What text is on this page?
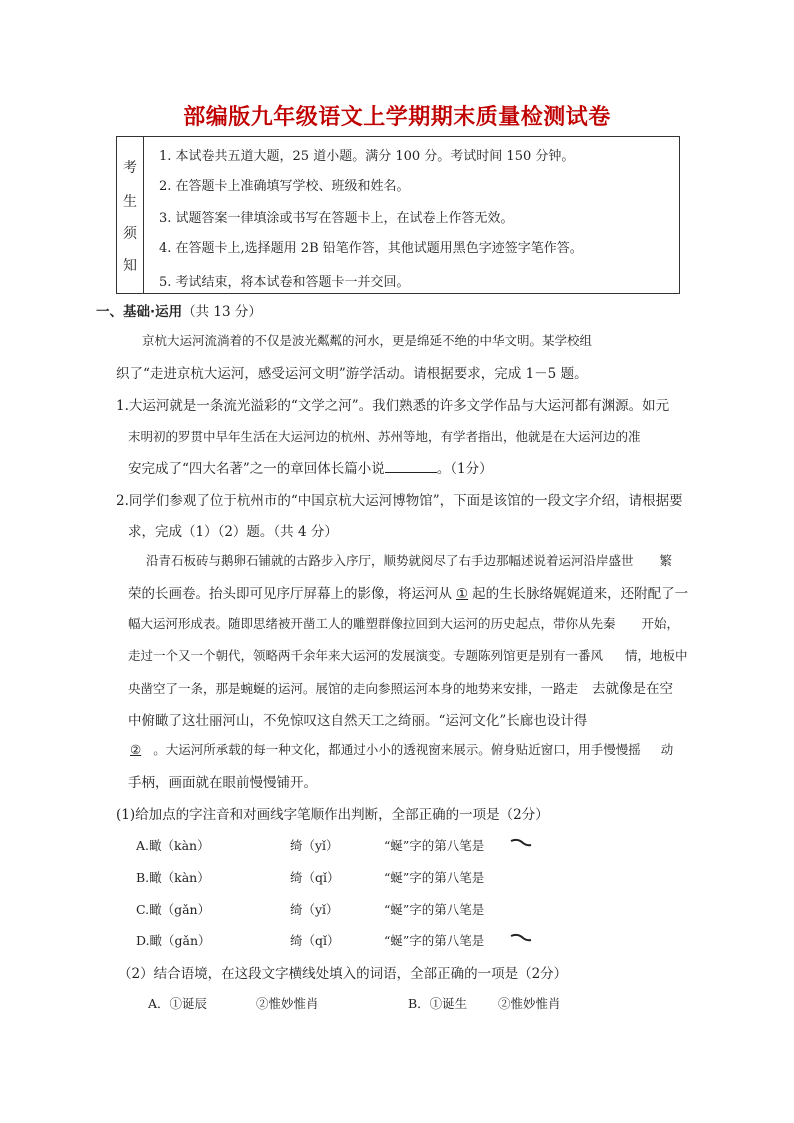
部编版九年级语文上学期期末质量检测试卷
考
生
须
知
1. 本试卷共五道大题，25 道小题。满分 100 分。考试时间 150 分钟。
2. 在答题卡上准确填写学校、班级和姓名。
3. 试题答案一律填涂或书写在答题卡上，在试卷上作答无效。
4. 在答题卡上,选择题用 2B 铅笔作答，其他试题用黑色字迹签字笔作答。
5. 考试结束，将本试卷和答题卡一并交回。
一、基础·运用（共 13 分）
京杭大运河流淌着的不仅是波光粼粼的河水，更是绵延不绝的中华文明。某学校组
织了“走进京杭大运河，感受运河文明”游学活动。请根据要求，完成 1－5 题。
1.大运河就是一条流光溢彩的“文学之河”。我们熟悉的许多文学作品与大运河都有渊源。如元
末明初的罗贯中早年生活在大运河边的杭州、苏州等地，有学者指出，他就是在大运河边的准
安完成了“四大名著”之一的章回体长篇小说	。（1分）
2.同学们参观了位于杭州市的“中国京杭大运河博物馆”，下面是该馆的一段文字介绍，请根据要
求，完成（1）（2）题。（共 4 分）
沿青石板砖与鹅卵石铺就的古路步入序厅，顺势就阅尽了右手边那幅述说着运河沿岸盛世 繁
荣的长画卷。抬头即可见序厅屏幕上的影像，将运河从 ① 起的生长脉络娓娓道来，还附配了一
幅大运河形成表。随即思绪被开凿工人的雕塑群像拉回到大运河的历史起点，带你从先秦 开始，
走过一个又一个朝代，领略两千余年来大运河的发展演变。专题陈列馆更是别有一番风 情，地板中
央凿空了一条，那是蜿蜒的运河。展馆的走向参照运河本身的地势来安排，一路走 去就像是在空
中俯瞰了这壮丽河山，不免惊叹这自然天工之绮丽。“运河文化”长廊也设计得
② 。大运河所承载的每一种文化，都通过小小的透视窗来展示。俯身贴近窗口，用手慢慢摇 动
手柄，画面就在眼前慢慢铺开。
(1)给加点的字注音和对画线字笔顺作出判断，全部正确的一项是（2分）
A.瞰（kàn）	绮（yǐ）	“蜒”字的第八笔是
B.瞰（kàn）	绮（qǐ）	“蜒”字的第八笔是
C.瞰（gǎn）	绮（yǐ）	“蜒”字的第八笔是
D.瞰（gǎn）	绮（qǐ）	“蜒”字的第八笔是
（2）结合语境，在这段文字横线处填入的词语，全部正确的一项是（2分）
A．①诞辰	②惟妙惟肖	B．①诞生 ②惟妙惟肖
